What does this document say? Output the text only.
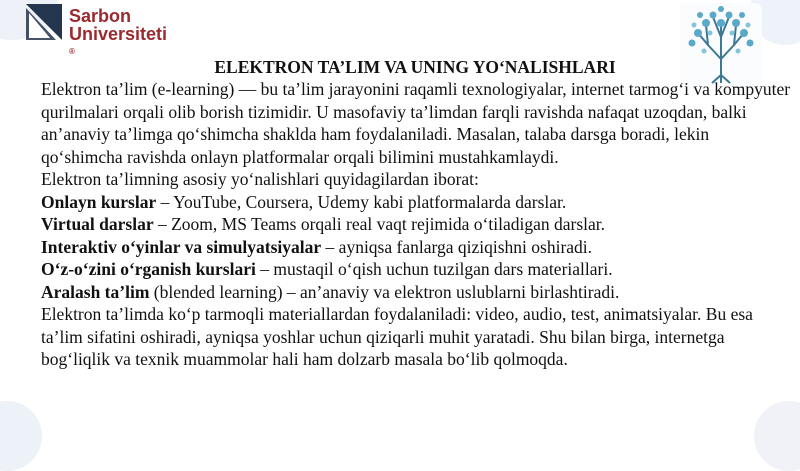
Sarbon
Universiteti
®
ELEKTRON TA’LIM VA UNING YO‘NALISHLARI

Elektron ta’lim (e-learning) — bu ta’lim jarayonini raqamli texnologiyalar, internet tarmog‘i va kompyuter qurilmalari orqali olib borish tizimidir. U masofaviy ta’limdan farqli ravishda nafaqat uzoqdan, balki an’anaviy ta’limga qo‘shimcha shaklda ham foydalaniladi. Masalan, talaba darsga boradi, lekin qo‘shimcha ravishda onlayn platformalar orqali bilimini mustahkamlaydi.

Elektron ta’limning asosiy yo‘nalishlari quyidagilardan iborat:

Onlayn kurslar – YouTube, Coursera, Udemy kabi platformalarda darslar.

Virtual darslar – Zoom, MS Teams orqali real vaqt rejimida o‘tiladigan darslar.

Interaktiv o‘yinlar va simulyatsiyalar – ayniqsa fanlarga qiziqishni oshiradi.

O‘z-o‘zini o‘rganish kurslari – mustaqil o‘qish uchun tuzilgan dars materiallari.

Aralash ta’lim (blended learning) – an’anaviy va elektron uslublarni birlashtiradi.

Elektron ta’limda ko‘p tarmoqli materiallardan foydalaniladi: video, audio, test, animatsiyalar. Bu esa ta’lim sifatini oshiradi, ayniqsa yoshlar uchun qiziqarli muhit yaratadi. Shu bilan birga, internetga bog‘liqlik va texnik muammolar hali ham dolzarb masala bo‘lib qolmoqda.
